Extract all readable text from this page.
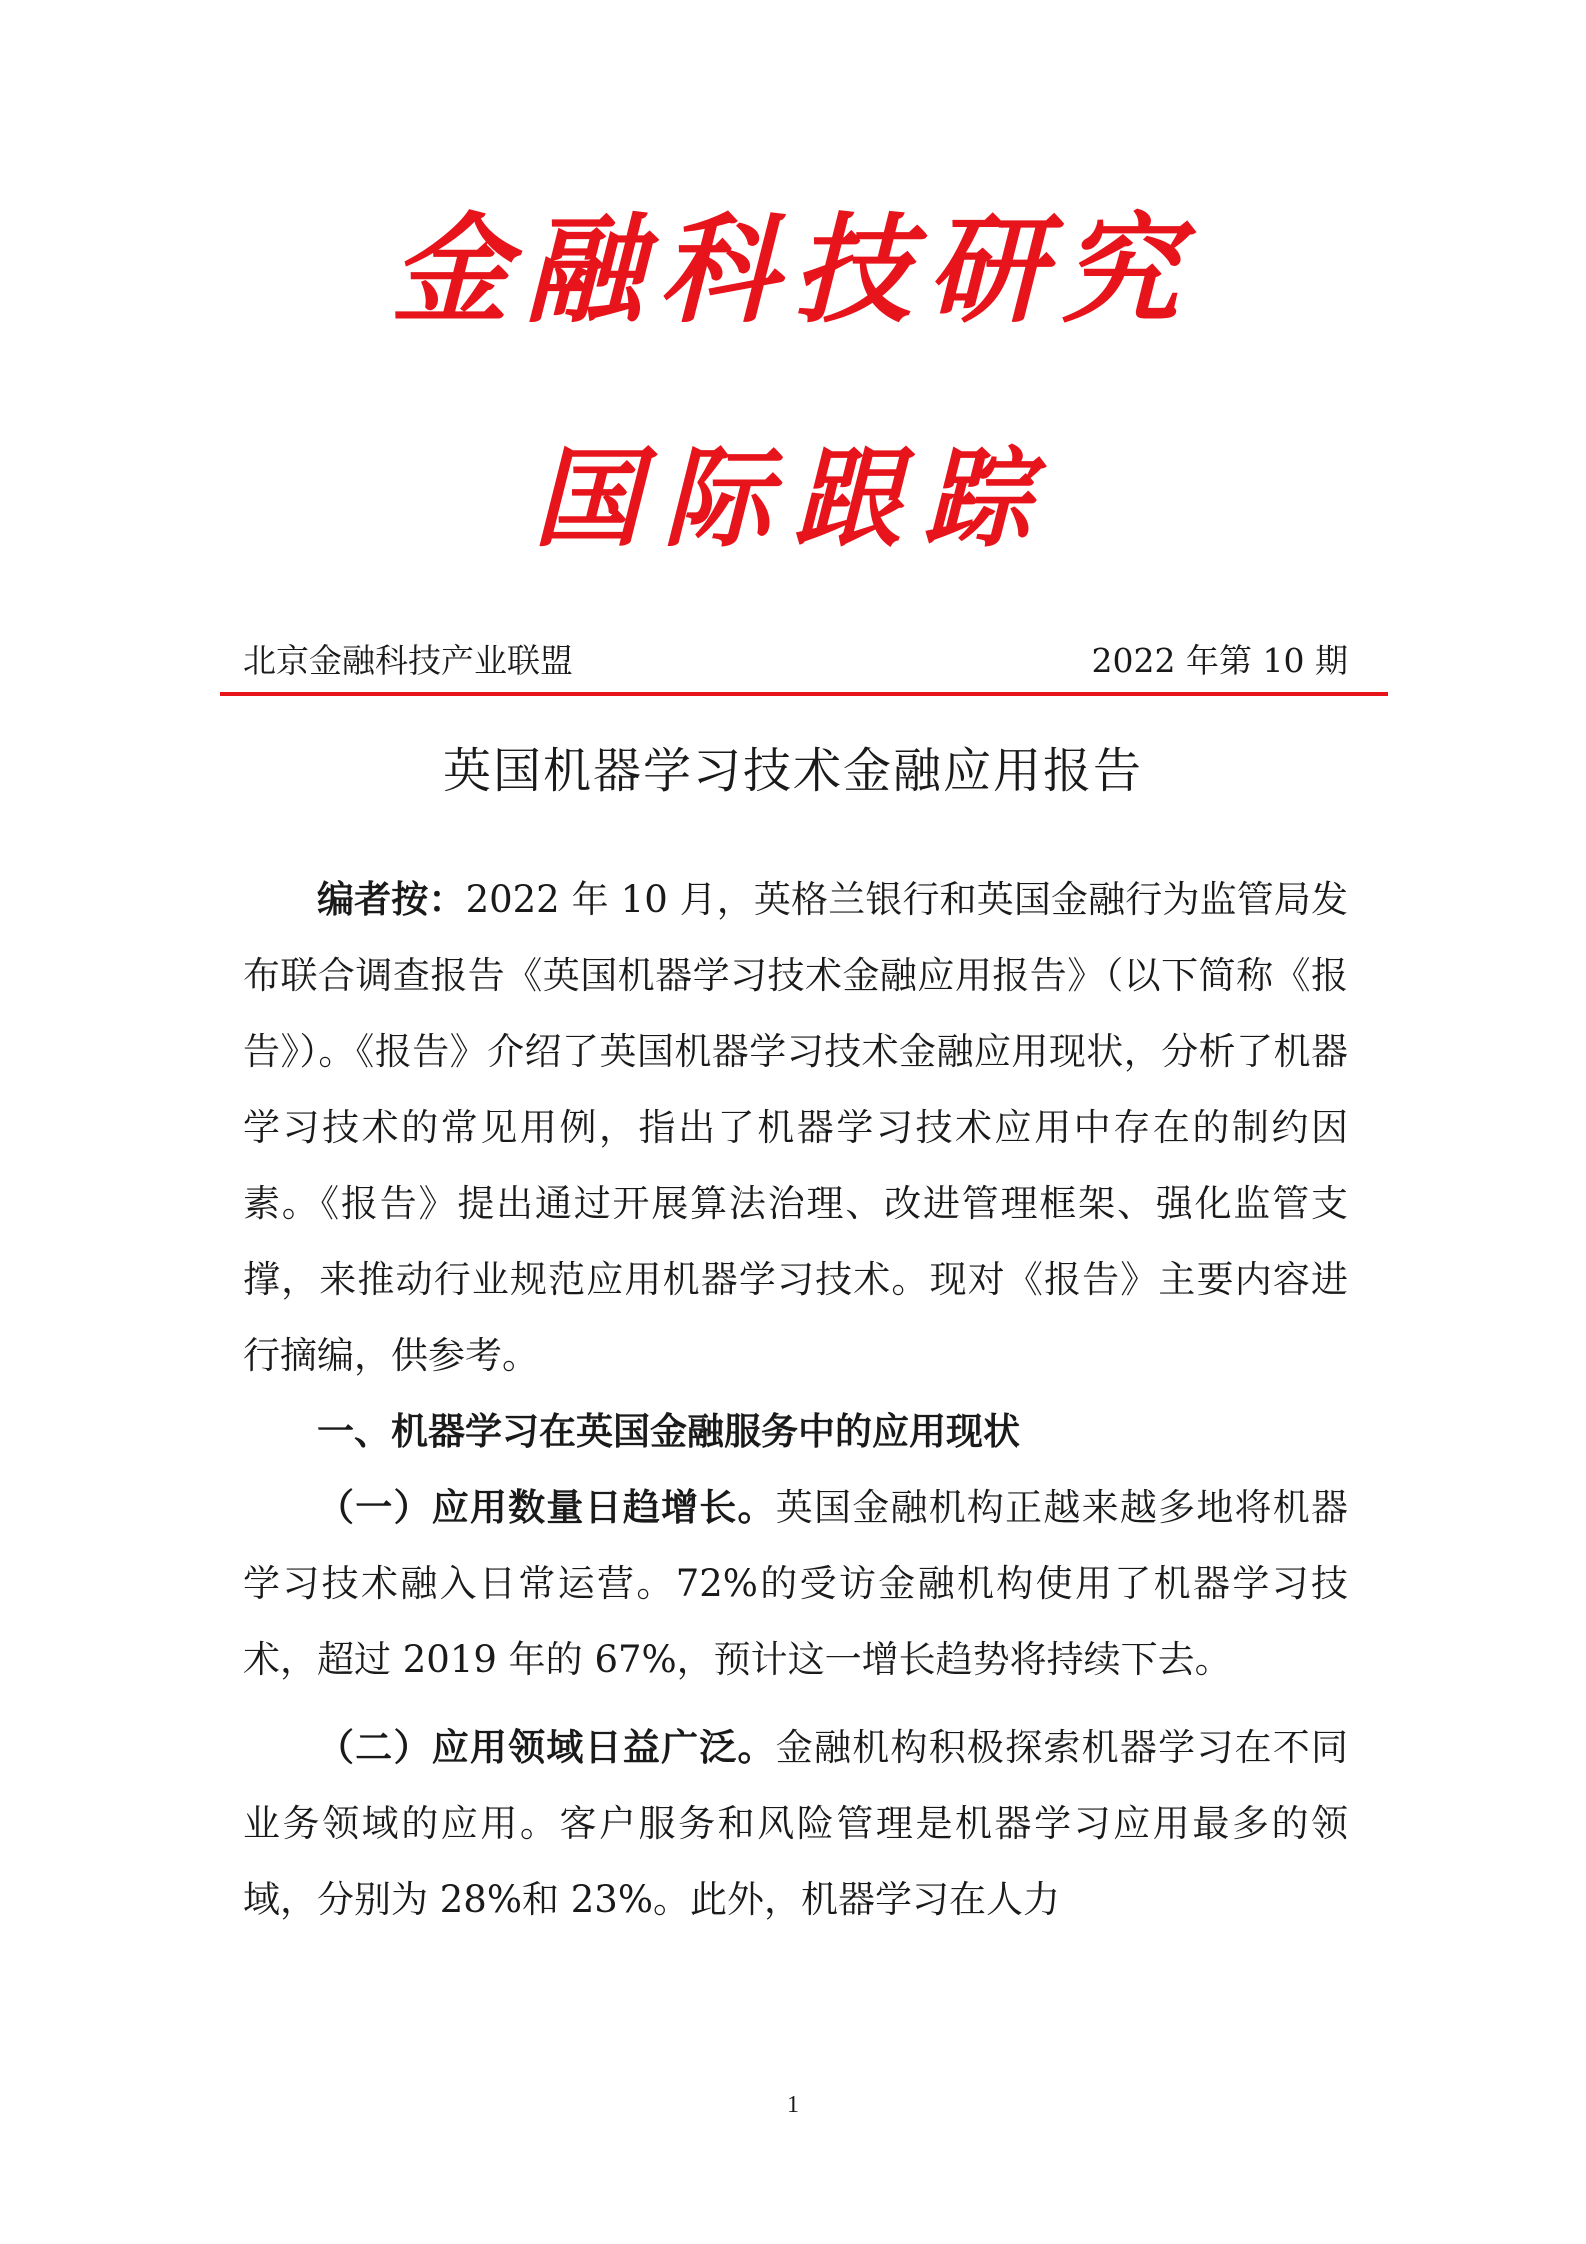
金融科技研究
国际跟踪
北京金融科技产业联盟	2022 年第 10 期
英国机器学习技术金融应用报告

编者按：2022 年 10 月，英格兰银行和英国金融行为监管局发布联合调查报告《英国机器学习技术金融应用报告》（以下简称《报告》）。《报告》介绍了英国机器学习技术金融应用现状，分析了机器学习技术的常见用例，指出了机器学习技术应用中存在的制约因素。《报告》提出通过开展算法治理、改进管理框架、强化监管支撑，来推动行业规范应用机器学习技术。现对《报告》主要内容进行摘编，供参考。

一、机器学习在英国金融服务中的应用现状

（一）应用数量日趋增长。英国金融机构正越来越多地将机器学习技术融入日常运营。72%的受访金融机构使用了机器学习技术，超过 2019 年的 67%，预计这一增长趋势将持续下去。

（二）应用领域日益广泛。金融机构积极探索机器学习在不同业务领域的应用。客户服务和风险管理是机器学习应用最多的领域，分别为 28%和 23%。此外，机器学习在人力

1
